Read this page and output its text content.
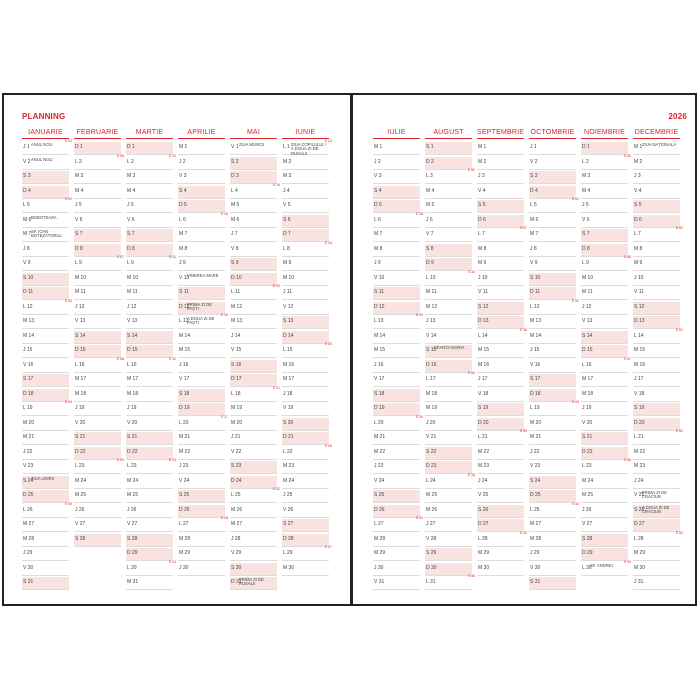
PLANNING
IANUARIE
J 1 ANUL NOU
S 01
V 2 ANUL NOU
S 3
D 4
L 5
S 02
M 6 BOBOTEAZA
M 7 SF. IOAN BOTEZĂTORUL
J 8
V 9
S 10
D 11
L 12
S 03
M 13
M 14
J 15
V 16
S 17
D 18
L 19
S 04
M 20
M 21
J 22
V 23
S 24
ZIUA UNIRII
D 25
L 26
S 05
M 27
M 28
J 29
V 30
S 31
FEBRUARIE
D 1
L 2
S 06
M 3
M 4
J 5
V 6
S 7
D 8
L 9
S 07
M 10
M 11
J 12
V 13
S 14
D 15
L 16
S 08
M 17
M 18
J 19
V 20
S 21
D 22
L 23
S 09
M 24
M 25
J 26
V 27
S 28
MARTIE
D 1
L 2
S 10
M 3
M 4
J 5
V 6
S 7
D 8
L 9
S 11
M 10
M 11
J 12
V 13
S 14
D 15
L 16
S 12
M 17
M 18
J 19
V 20
S 21
D 22
L 23
S 13
M 24
M 25
J 26
V 27
S 28
D 29
L 30
S 14
M 31
APRILIE
M 1
J 2
V 3
S 4
D 5
L 6
S 15
M 7
M 8
J 9
V 10
VINEREA MARE
S 11
D 12
PRIMA ZI DE PAȘTI
L 13
A DOUA ZI DE PAȘTI
S 16
M 14
M 15
J 16
V 17
S 18
D 19
L 20
S 17
M 21
M 22
J 23
V 24
S 25
D 26
L 27
S 18
M 28
M 29
J 30
MAI
V 1 ZIUA MUNCII
S 2
D 3
L 4
S 19
M 5
M 6
J 7
V 8
S 9
D 10
L 11
S 20
M 12
M 13
J 14
V 15
S 16
D 17
L 18
S 21
M 19
M 20
J 21
V 22
S 23
D 24
L 25
S 22
M 26
M 27
J 28
V 29
S 30
D 31
PRIMA ZI DE RUSALII
IUNIE
L 1 ZIUA COPILULUI / A DOUA ZI DE RUSALII
S 23
M 2
M 3
J 4
V 5
S 6
D 7
L 8
S 24
M 9
M 10
J 11
V 12
S 13
D 14
L 15
S 25
M 16
M 17
J 18
V 19
S 20
D 21
L 22
S 26
M 23
M 24
J 25
V 26
S 27
D 28
L 29
S 27
M 30
2026
IULIE
M 1
J 2
V 3
S 4
D 5
L 6
S 28
M 7
M 8
J 9
V 10
S 11
D 12
L 13
S 29
M 14
M 15
J 16
V 17
S 18
D 19
L 20
S 30
M 21
M 22
J 23
V 24
S 25
D 26
L 27
S 31
M 28
M 29
J 30
V 31
AUGUST
S 1
D 2
L 3
S 32
M 4
M 5
J 6
V 7
S 8
D 9
L 10
S 33
M 11
M 12
J 13
V 14
S 15
SFÂNTA MARIA
D 16
L 17
S 34
M 18
M 19
J 20
V 21
S 22
D 23
L 24
S 35
M 25
M 26
J 27
V 28
S 29
D 30
L 31
S 36
SEPTEMBRIE
M 1
M 2
J 3
V 4
S 5
D 6
L 7
S 37
M 8
M 9
J 10
V 11
S 12
D 13
L 14
S 38
M 15
M 16
J 17
V 18
S 19
D 20
L 21
S 39
M 22
M 23
J 24
V 25
S 26
D 27
L 28
S 40
M 29
M 30
OCTOMBRIE
J 1
V 2
S 3
D 4
L 5
S 41
M 6
M 7
J 8
V 9
S 10
D 11
L 12
S 42
M 13
M 14
J 15
V 16
S 17
D 18
L 19
S 43
M 20
M 21
J 22
V 23
S 24
D 25
L 26
S 44
M 27
M 28
J 29
V 30
S 31
NOIEMBRIE
D 1
L 2
S 45
M 3
M 4
J 5
V 6
S 7
D 8
L 9
S 46
M 10
M 11
J 12
V 13
S 14
D 15
L 16
S 47
M 17
M 18
J 19
V 20
S 21
D 22
L 23
S 48
M 24
M 25
J 26
V 27
S 28
D 29
L 30
SF. ANDREI
S 49
DECEMBRIE
M 1 ZIUA NAȚIONALĂ
M 2
J 3
V 4
S 5
D 6
L 7
S 50
M 8
M 9
J 10
V 11
S 12
D 13
L 14
S 51
M 15
M 16
J 17
V 18
S 19
D 20
L 21
S 52
M 22
M 23
J 24
V 25
PRIMA ZI DE CRĂCIUN
S 26
A DOUA ZI DE CRĂCIUN
D 27
L 28
S 53
M 29
M 30
J 31
